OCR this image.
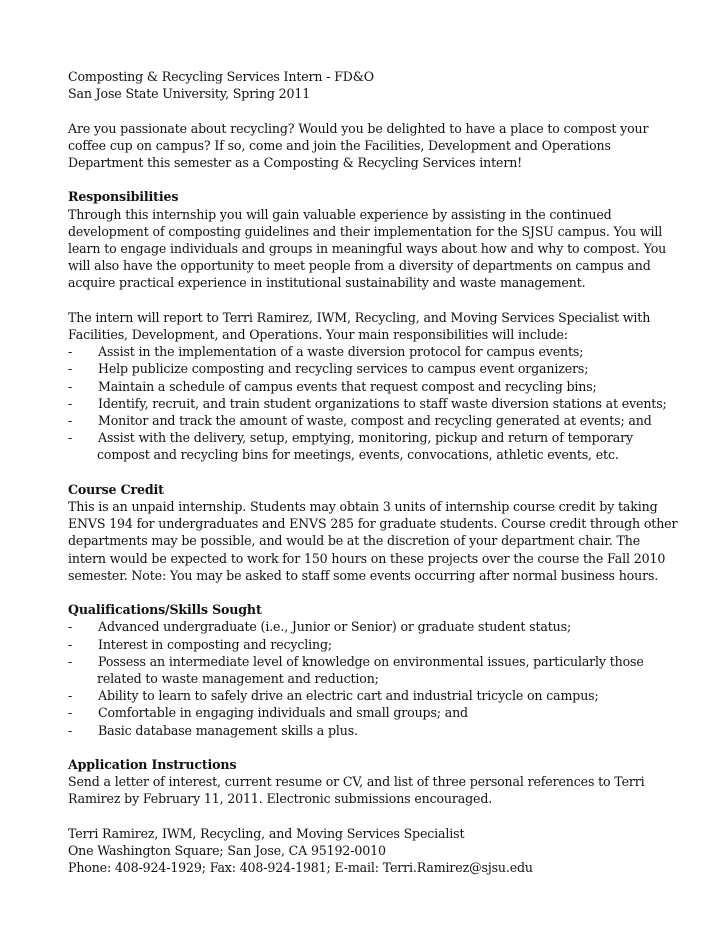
Composting & Recycling Services Intern - FD&O
San Jose State University, Spring 2011
Are you passionate about recycling? Would you be delighted to have a place to compost your
coffee cup on campus? If so, come and join the Facilities, Development and Operations
Department this semester as a Composting & Recycling Services intern!
Responsibilities
Through this internship you will gain valuable experience by assisting in the continued
development of composting guidelines and their implementation for the SJSU campus. You will
learn to engage individuals and groups in meaningful ways about how and why to compost. You
will also have the opportunity to meet people from a diversity of departments on campus and
acquire practical experience in institutional sustainability and waste management.
The intern will report to Terri Ramirez, IWM, Recycling, and Moving Services Specialist with
Facilities, Development, and Operations. Your main responsibilities will include:
-	Assist in the implementation of a waste diversion protocol for campus events;
-	Help publicize composting and recycling services to campus event organizers;
-	Maintain a schedule of campus events that request compost and recycling bins;
-	Identify, recruit, and train student organizations to staff waste diversion stations at events;
-	Monitor and track the amount of waste, compost and recycling generated at events; and
-	Assist with the delivery, setup, emptying, monitoring, pickup and return of temporary
compost and recycling bins for meetings, events, convocations, athletic events, etc.
Course Credit
This is an unpaid internship. Students may obtain 3 units of internship course credit by taking
ENVS 194 for undergraduates and ENVS 285 for graduate students. Course credit through other
departments may be possible, and would be at the discretion of your department chair. The
intern would be expected to work for 150 hours on these projects over the course the Fall 2010
semester. Note: You may be asked to staff some events occurring after normal business hours.
Qualifications/Skills Sought
-	Advanced undergraduate (i.e., Junior or Senior) or graduate student status;
-	Interest in composting and recycling;
-	Possess an intermediate level of knowledge on environmental issues, particularly those
related to waste management and reduction;
-	Ability to learn to safely drive an electric cart and industrial tricycle on campus;
-	Comfortable in engaging individuals and small groups; and
-	Basic database management skills a plus.
Application Instructions
Send a letter of interest, current resume or CV, and list of three personal references to Terri
Ramirez by February 11, 2011. Electronic submissions encouraged.
Terri Ramirez, IWM, Recycling, and Moving Services Specialist
One Washington Square; San Jose, CA 95192-0010
Phone: 408-924-1929; Fax: 408-924-1981; E-mail: Terri.Ramirez@sjsu.edu
